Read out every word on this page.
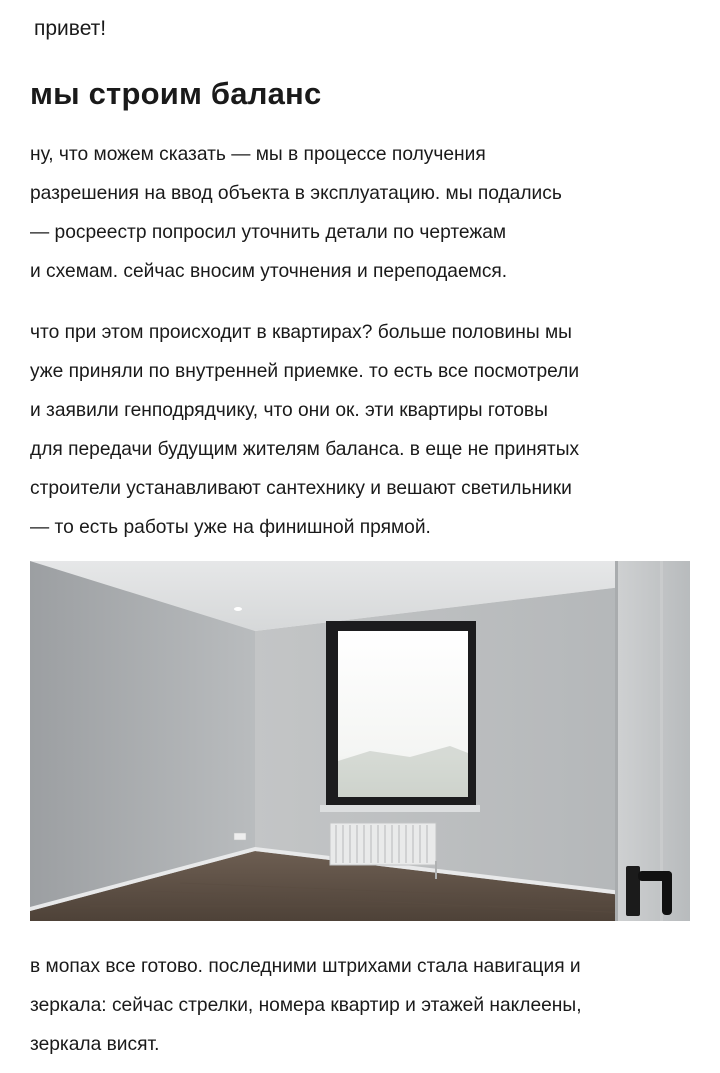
привет!
мы строим баланс
ну, что можем сказать — мы в процессе получения
разрешения на ввод объекта в эксплуатацию. мы подались
— росреестр попросил уточнить детали по чертежам
и схемам. сейчас вносим уточнения и переподаемся.
что при этом происходит в квартирах? больше половины мы
уже приняли по внутренней приемке. то есть все посмотрели
и заявили генподрядчику, что они ок. эти квартиры готовы
для передачи будущим жителям баланса. в еще не принятых
строители устанавливают сантехнику и вешают светильники
— то есть работы уже на финишной прямой.
в мопах все готово. последними штрихами стала навигация и
зеркала: сейчас стрелки, номера квартир и этажей наклеены,
зеркала висят.
